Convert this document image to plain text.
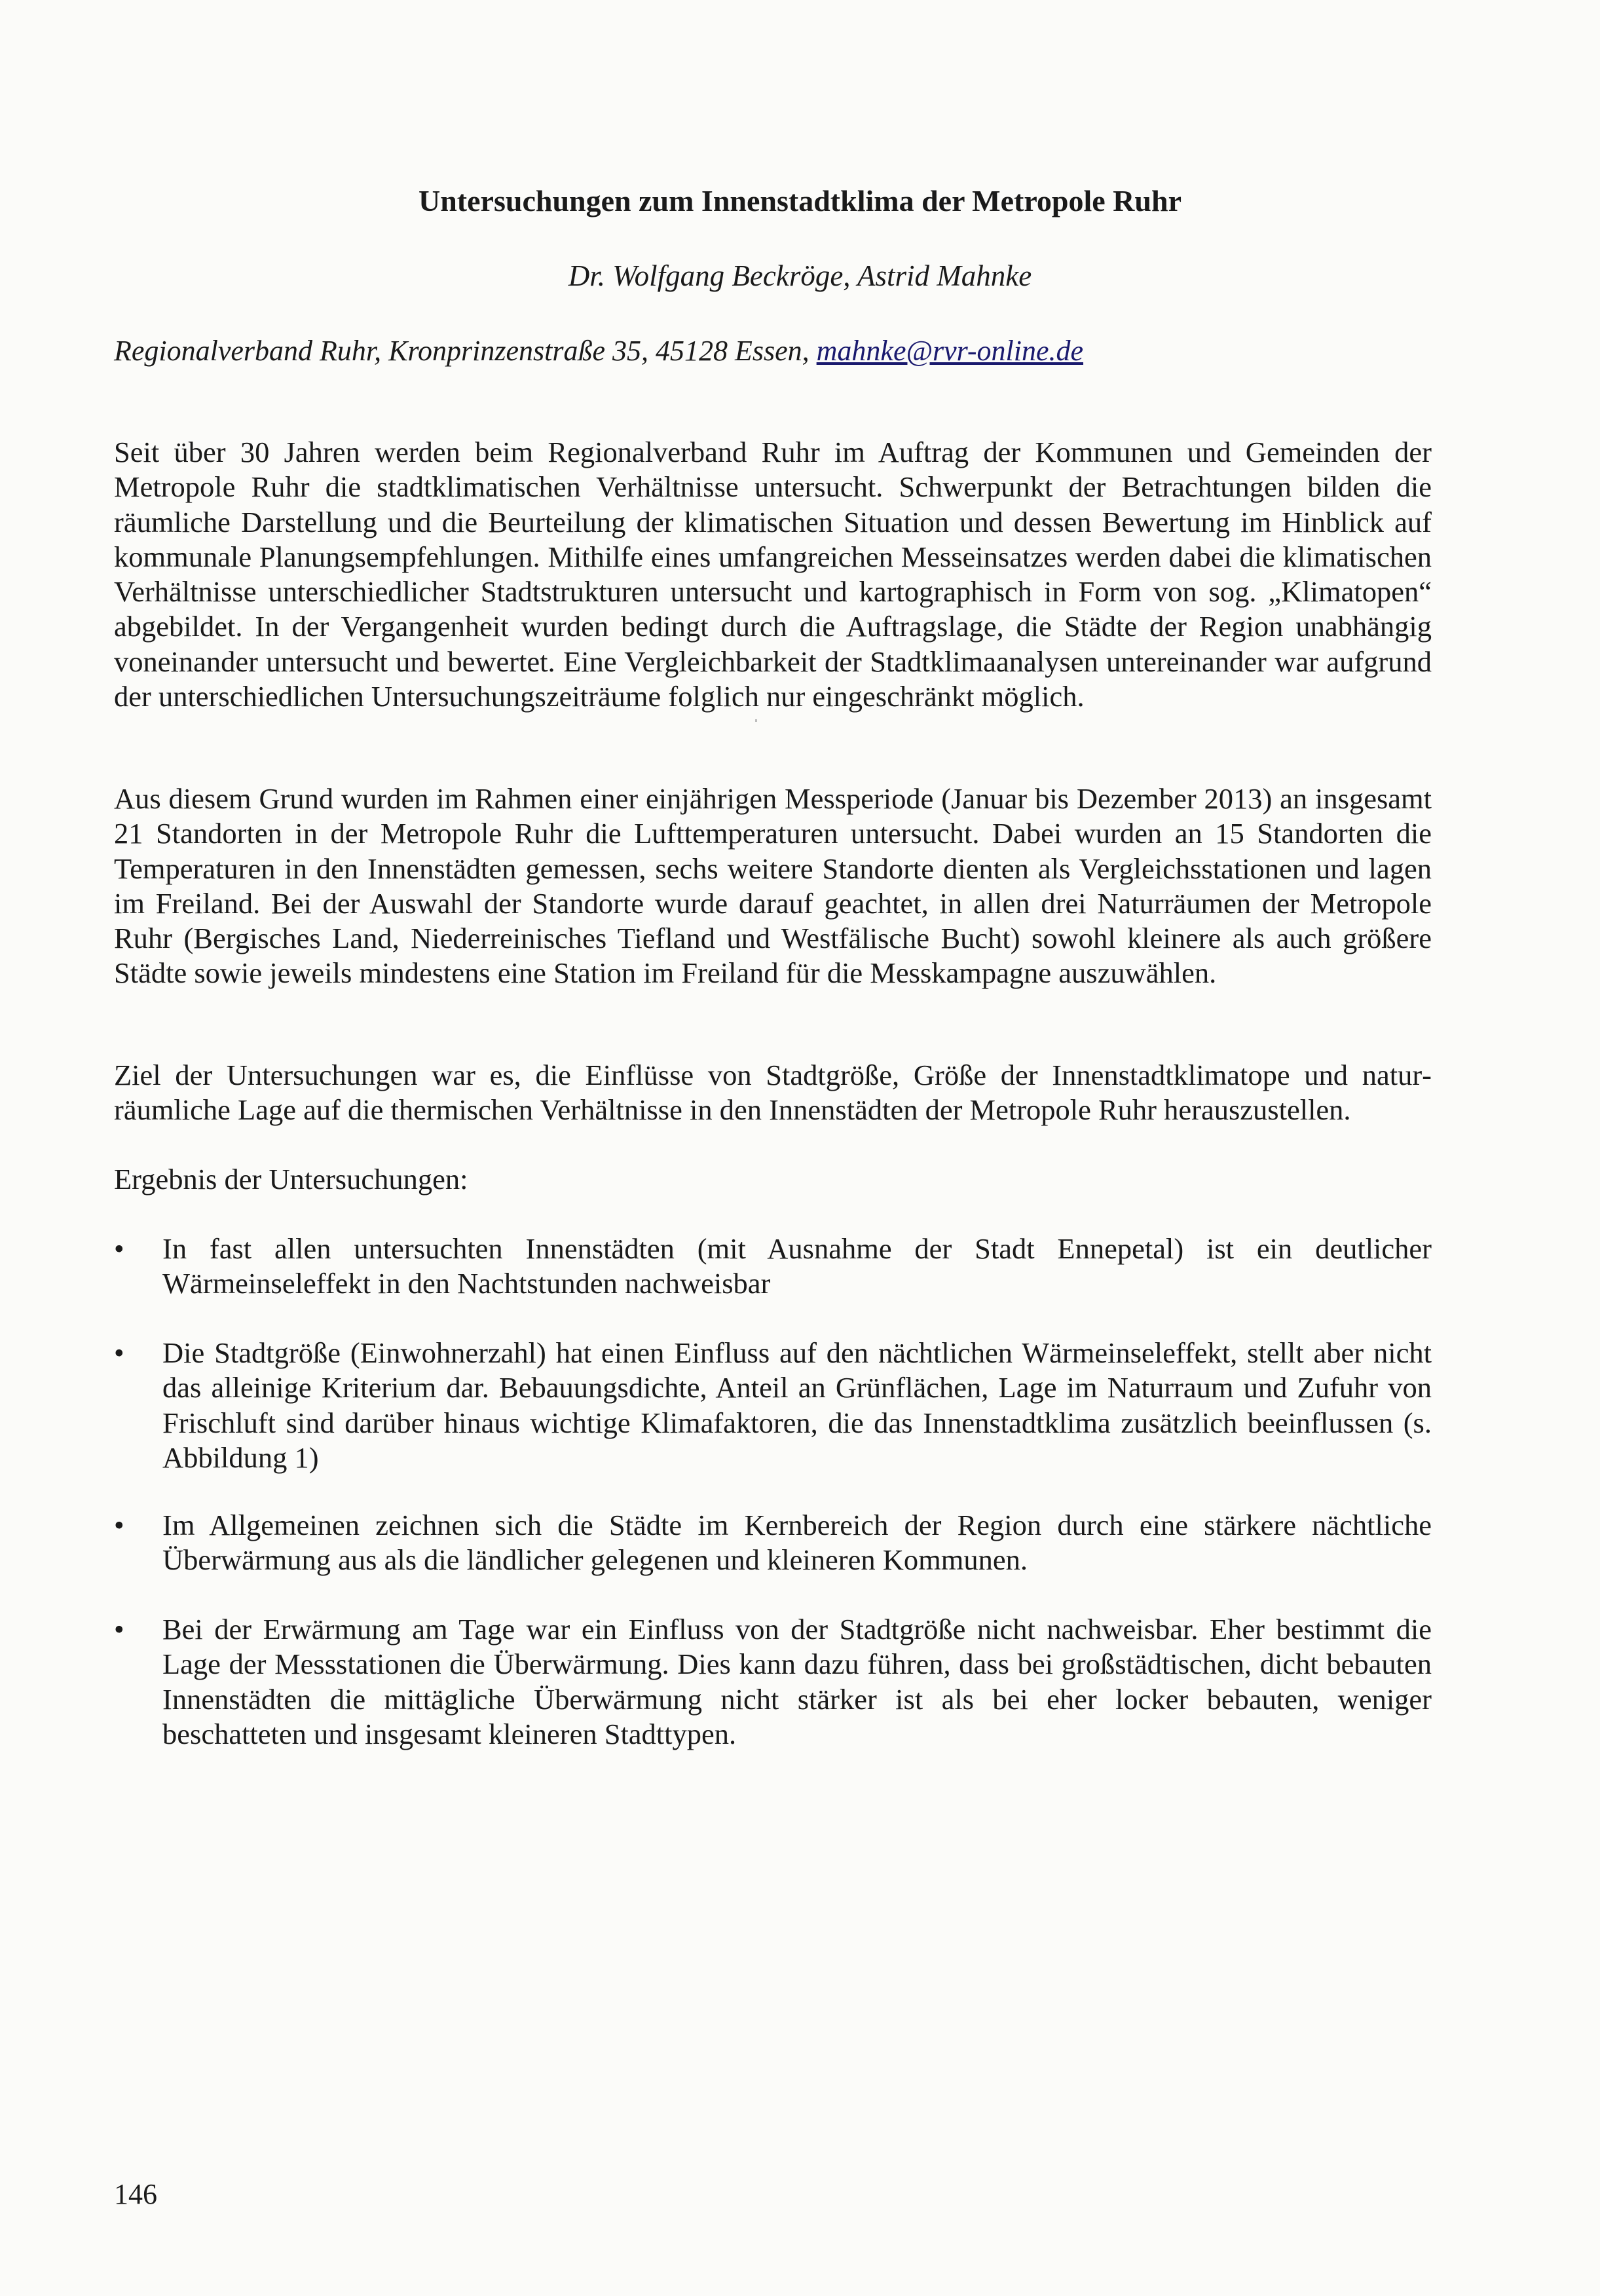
Untersuchungen zum Innenstadtklima der Metropole Ruhr

Dr. Wolfgang Beckröge, Astrid Mahnke

Regionalverband Ruhr, Kronprinzenstraße 35, 45128 Essen, mahnke@rvr-online.de

Seit über 30 Jahren werden beim Regionalverband Ruhr im Auftrag der Kommunen und Gemeinden der Metropole Ruhr die stadtklimatischen Verhältnisse untersucht. Schwerpunkt der Betrachtungen bilden die räumliche Darstellung und die Beurteilung der klimatischen Situation und dessen Bewertung im Hinblick auf kommunale Planungsempfehlungen. Mithilfe eines umfangreichen Messeinsatzes werden dabei die klimatischen Verhältnisse unterschiedlicher Stadtstrukturen untersucht und kartographisch in Form von sog. „Klimatopen“ abgebildet. In der Vergangenheit wurden bedingt durch die Auftragslage, die Städte der Region unabhängig voneinander untersucht und bewertet. Eine Vergleichbarkeit der Stadtklimaanalysen untereinander war aufgrund der unterschiedlichen Untersuchungszeiträume folglich nur eingeschränkt möglich.

Aus diesem Grund wurden im Rahmen einer einjährigen Messperiode (Januar bis Dezember 2013) an insgesamt 21 Standorten in der Metropole Ruhr die Lufttemperaturen untersucht. Dabei wurden an 15 Standorten die Temperaturen in den Innenstädten gemessen, sechs weitere Standorte dienten als Vergleichsstationen und lagen im Freiland. Bei der Auswahl der Standorte wurde darauf geachtet, in allen drei Naturräumen der Metropole Ruhr (Bergisches Land, Niederreinisches Tiefland und Westfälische Bucht) sowohl kleinere als auch größere Städte sowie jeweils mindestens eine Station im Freiland für die Messkampagne auszuwählen.

Ziel der Untersuchungen war es, die Einflüsse von Stadtgröße, Größe der Innenstadtklimatope und naturräumliche Lage auf die thermischen Verhältnisse in den Innenstädten der Metropole Ruhr herauszustellen.

Ergebnis der Untersuchungen:

• In fast allen untersuchten Innenstädten (mit Ausnahme der Stadt Ennepetal) ist ein deutlicher Wärmeinseleffekt in den Nachtstunden nachweisbar

• Die Stadtgröße (Einwohnerzahl) hat einen Einfluss auf den nächtlichen Wärmeinseleffekt, stellt aber nicht das alleinige Kriterium dar. Bebauungsdichte, Anteil an Grünflächen, Lage im Naturraum und Zufuhr von Frischluft sind darüber hinaus wichtige Klimafaktoren, die das Innenstadtklima zusätzlich beeinflussen (s. Abbildung 1)

• Im Allgemeinen zeichnen sich die Städte im Kernbereich der Region durch eine stärkere nächtliche Überwärmung aus als die ländlicher gelegenen und kleineren Kommunen.

• Bei der Erwärmung am Tage war ein Einfluss von der Stadtgröße nicht nachweisbar. Eher bestimmt die Lage der Messstationen die Überwärmung. Dies kann dazu führen, dass bei großstädtischen, dicht bebauten Innenstädten die mittägliche Überwärmung nicht stärker ist als bei eher locker bebauten, weniger beschatteten und insgesamt kleineren Stadttypen.

146
